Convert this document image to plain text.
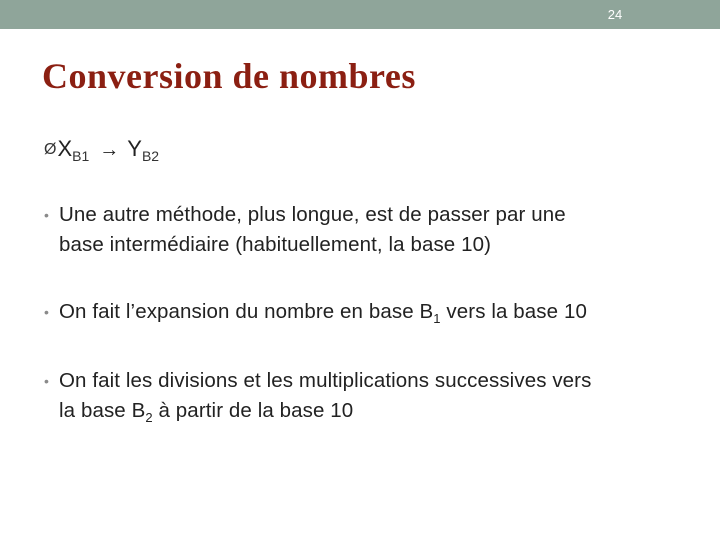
24
Conversion de nombres
$ØX_{B1} \to Y_{B2}$
• Une autre méthode, plus longue, est de passer par une
base intermédiaire (habituellement, la base 10)
• On fait l’expansion du nombre en base $B_1$ vers la base 10
• On fait les divisions et les multiplications successives vers
la base $B_2$ à partir de la base 10
